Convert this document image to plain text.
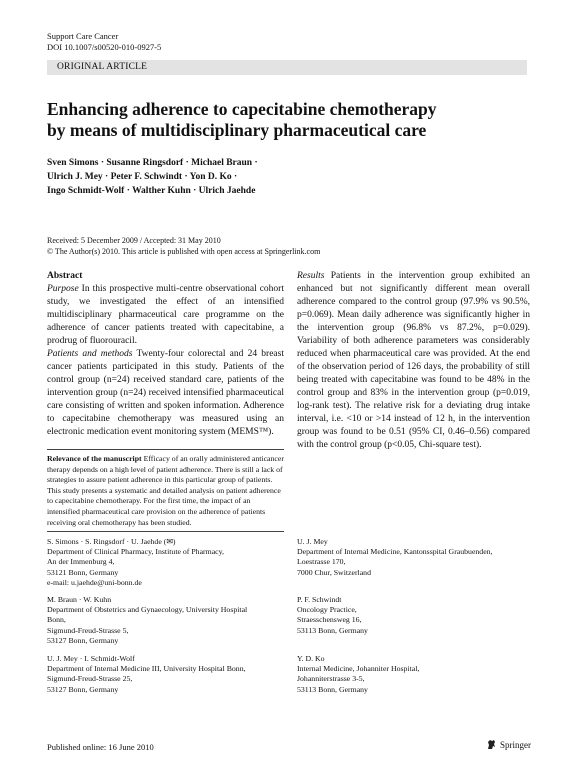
Support Care Cancer
DOI 10.1007/s00520-010-0927-5
ORIGINAL ARTICLE
Enhancing adherence to capecitabine chemotherapy
by means of multidisciplinary pharmaceutical care
Sven Simons · Susanne Ringsdorf · Michael Braun ·
Ulrich J. Mey · Peter F. Schwindt · Yon D. Ko ·
Ingo Schmidt-Wolf · Walther Kuhn · Ulrich Jaehde
Received: 5 December 2009 / Accepted: 31 May 2010
© The Author(s) 2010. This article is published with open access at Springerlink.com

Abstract

Purpose In this prospective multi-centre observational cohort study, we investigated the effect of an intensified multidisciplinary pharmaceutical care programme on the adherence of cancer patients treated with capecitabine, a prodrug of fluorouracil.

Patients and methods Twenty-four colorectal and 24 breast cancer patients participated in this study. Patients of the control group (n=24) received standard care, patients of the intervention group (n=24) received intensified pharmaceutical care consisting of written and spoken information. Adherence to capecitabine chemotherapy was measured using an electronic medication event monitoring system (MEMS™).

Results Patients in the intervention group exhibited an enhanced but not significantly different mean overall adherence compared to the control group (97.9% vs 90.5%, p=0.069). Mean daily adherence was significantly higher in the intervention group (96.8% vs 87.2%, p=0.029). Variability of both adherence parameters was considerably reduced when pharmaceutical care was provided. At the end of the observation period of 126 days, the probability of still being treated with capecitabine was found to be 48% in the control group and 83% in the intervention group (p=0.019, log-rank test). The relative risk for a deviating drug intake interval, i.e. <10 or >14 instead of 12 h, in the intervention group was found to be 0.51 (95% CI, 0.46–0.56) compared with the control group (p<0.05, Chi-square test).

Relevance of the manuscript Efficacy of an orally administered anticancer therapy depends on a high level of patient adherence. There is still a lack of strategies to assure patient adherence in this particular group of patients. This study presents a systematic and detailed analysis on patient adherence to capecitabine chemotherapy. For the first time, the impact of an intensified pharmaceutical care provision on the adherence of patients receiving oral chemotherapy has been studied.
S. Simons · S. Ringsdorf · U. Jaehde (✉)
Department of Clinical Pharmacy, Institute of Pharmacy,
An der Immenburg 4,
53121 Bonn, Germany
e-mail: u.jaehde@uni-bonn.de
M. Braun · W. Kuhn
Department of Obstetrics and Gynaecology, University Hospital
Bonn,
Sigmund-Freud-Strasse 5,
53127 Bonn, Germany
U. J. Mey · I. Schmidt-Wolf
Department of Internal Medicine III, University Hospital Bonn,
Sigmund-Freud-Strasse 25,
53127 Bonn, Germany
U. J. Mey
Department of Internal Medicine, Kantonsspital Graubuenden,
Loestrasse 170,
7000 Chur, Switzerland
P. F. Schwindt
Oncology Practice,
Straesschensweg 16,
53113 Bonn, Germany
Y. D. Ko
Internal Medicine, Johanniter Hospital,
Johanniterstrasse 3-5,
53113 Bonn, Germany
Published online: 16 June 2010	Springer
